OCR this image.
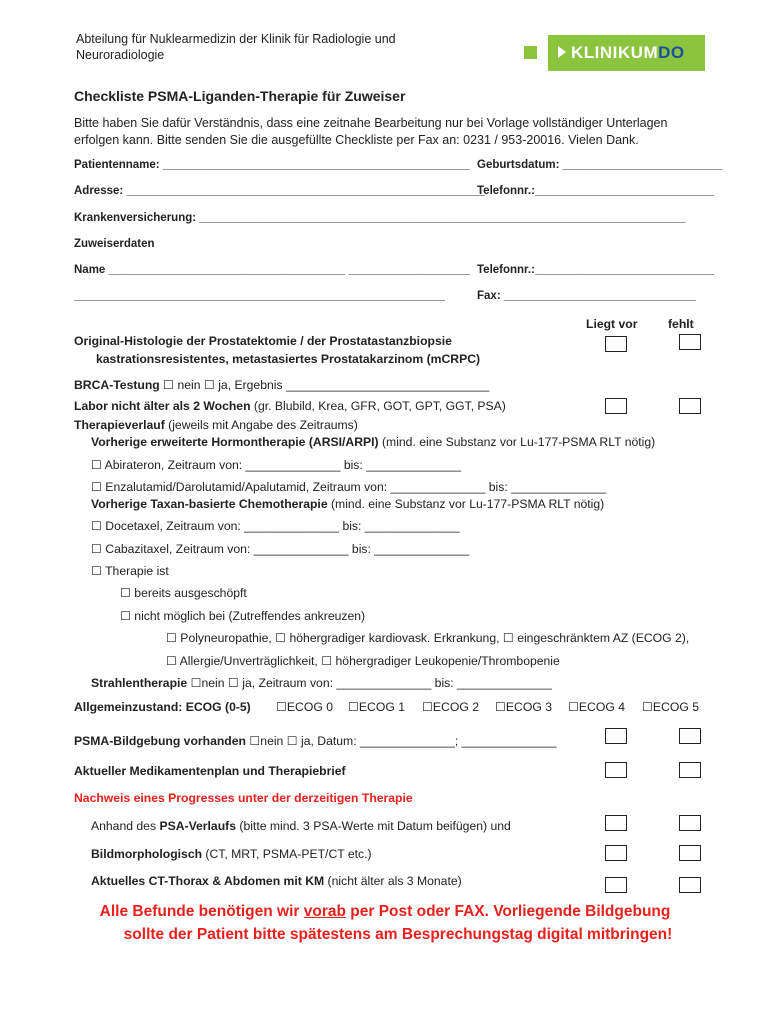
Abteilung für Nuklearmedizin der Klinik für Radiologie und
Neuroradiologie	KLINIKUMDO
Checkliste PSMA-Liganden-Therapie für Zuweiser
Bitte haben Sie dafür Verständnis, dass eine zeitnahe Bearbeitung nur bei Vorlage vollständiger Unterlagen
erfolgen kann. Bitte senden Sie die ausgefüllte Checkliste per Fax an: 0231 / 953-20016. Vielen Dank.
Patientenname: ________________________________________________ Geburtsdatum: _________________________
Adresse: ________________________________________________________
Telefonnr.:____________________________
Krankenversicherung: ____________________________________________________________________________
Zuweiserdaten
Name _____________________________________ ___________________ Telefonnr.:____________________________
__________________________________________________________	Fax: ______________________________
Liegt vor	fehlt
Original-Histologie der Prostatektomie / der Prostatastanzbiopsie
kastrationsresistentes, metastasiertes Prostatakarzinom (mCRPC)
BRCA-Testung ☐ nein ☐ ja, Ergebnis ______________________________
Labor nicht älter als 2 Wochen (gr. Blubild, Krea, GFR, GOT, GPT, GGT, PSA)
Therapieverlauf (jeweils mit Angabe des Zeitraums)
Vorherige erweiterte Hormontherapie (ARSI/ARPI) (mind. eine Substanz vor Lu-177-PSMA RLT nötig)
☐ Abirateron, Zeitraum von: ______________ bis: ______________
☐ Enzalutamid/Darolutamid/Apalutamid, Zeitraum von: ______________ bis: ______________
Vorherige Taxan-basierte Chemotherapie (mind. eine Substanz vor Lu-177-PSMA RLT nötig)
☐ Docetaxel, Zeitraum von: ______________ bis: ______________
☐ Cabazitaxel, Zeitraum von: ______________ bis: ______________
☐ Therapie ist
☐ bereits ausgeschöpft
☐ nicht möglich bei (Zutreffendes ankreuzen)
☐ Polyneuropathie, ☐ höhergradiger kardiovask. Erkrankung, ☐ eingeschränktem AZ (ECOG 2),
☐ Allergie/Unverträglichkeit, ☐ höhergradiger Leukopenie/Thrombopenie
Strahlentherapie ☐nein ☐ ja, Zeitraum von: ______________ bis: ______________
Allgemeinzustand: ECOG (0-5) ☐ECOG 0 ☐ECOG 1 ☐ECOG 2 ☐ECOG 3 ☐ECOG 4 ☐ECOG 5
PSMA-Bildgebung vorhanden ☐nein ☐ ja, Datum: ______________; ______________
Aktueller Medikamentenplan und Therapiebrief
Nachweis eines Progresses unter der derzeitigen Therapie
Anhand des PSA-Verlaufs (bitte mind. 3 PSA-Werte mit Datum beifügen) und
Bildmorphologisch (CT, MRT, PSMA-PET/CT etc.)
Aktuelles CT-Thorax & Abdomen mit KM (nicht älter als 3 Monate)
Alle Befunde benötigen wir vorab per Post oder FAX. Vorliegende Bildgebung
sollte der Patient bitte spätestens am Besprechungstag digital mitbringen!
